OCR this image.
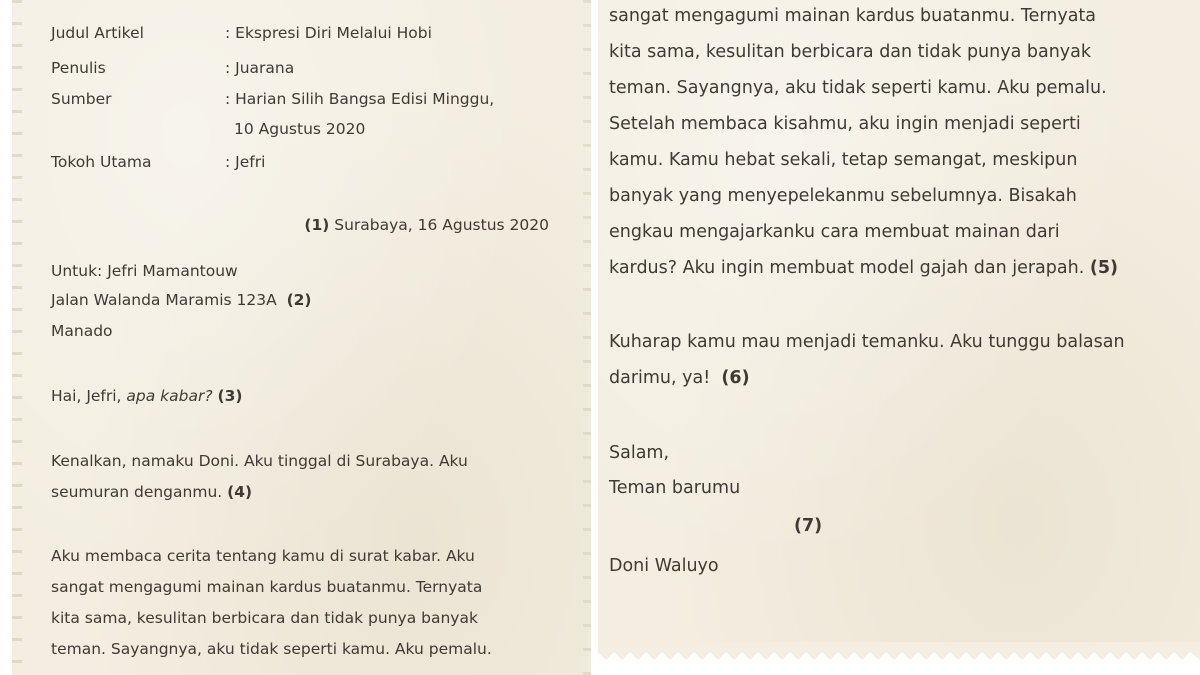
Judul Artikel	: Ekspresi Diri Melalui Hobi
Penulis	: Juarana
Sumber	: Harian Silih Bangsa Edisi Minggu,
10 Agustus 2020
Tokoh Utama	: Jefri
(1) Surabaya, 16 Agustus 2020
Untuk: Jefri Mamantouw
Jalan Walanda Maramis 123A (2)
Manado
Hai, Jefri, apa kabar? (3)
Kenalkan, namaku Doni. Aku tinggal di Surabaya. Aku
seumuran denganmu. (4)
Aku membaca cerita tentang kamu di surat kabar. Aku
sangat mengagumi mainan kardus buatanmu. Ternyata
kita sama, kesulitan berbicara dan tidak punya banyak
teman. Sayangnya, aku tidak seperti kamu. Aku pemalu.

sangat mengagumi mainan kardus buatanmu. Ternyata
kita sama, kesulitan berbicara dan tidak punya banyak
teman. Sayangnya, aku tidak seperti kamu. Aku pemalu.
Setelah membaca kisahmu, aku ingin menjadi seperti
kamu. Kamu hebat sekali, tetap semangat, meskipun
banyak yang menyepelekanmu sebelumnya. Bisakah
engkau mengajarkanku cara membuat mainan dari
kardus? Aku ingin membuat model gajah dan jerapah. (5)
Kuharap kamu mau menjadi temanku. Aku tunggu balasan
darimu, ya! (6)
Salam,
Teman barumu
(7)
Doni Waluyo
